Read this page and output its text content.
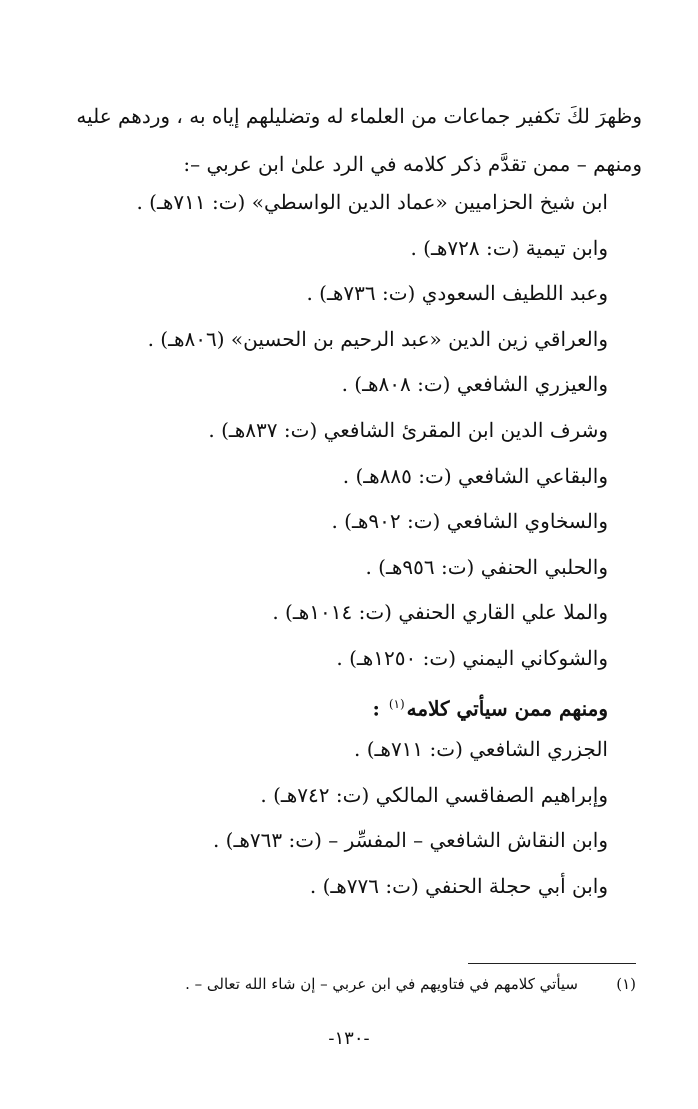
وظهرَ لكَ تكفير جماعات من العلماء له وتضليلهم إياه به ، وردهم عليه

ومنهم – ممن تقدَّم ذكر كلامه في الرد علىٰ ابن عربي –:

ابن شيخ الحزاميين «عماد الدين الواسطي» (ت: ٧١١هـ) .
وابن تيمية (ت: ٧٢٨هـ) .
وعبد اللطيف السعودي (ت: ٧٣٦هـ) .
والعراقي زين الدين «عبد الرحيم بن الحسين» (٨٠٦هـ) .
والعيزري الشافعي (ت: ٨٠٨هـ) .
وشرف الدين ابن المقرئ الشافعي (ت: ٨٣٧هـ) .
والبقاعي الشافعي (ت: ٨٨٥هـ) .
والسخاوي الشافعي (ت: ٩٠٢هـ) .
والحلبي الحنفي (ت: ٩٥٦هـ) .
والملا علي القاري الحنفي (ت: ١٠١٤هـ) .
والشوكاني اليمني (ت: ١٢٥٠هـ) .
ومنهم ممن سيأتي كلامه$^{(١)}$ :
الجزري الشافعي (ت: ٧١١هـ) .
وإبراهيم الصفاقسي المالكي (ت: ٧٤٢هـ) .
وابن النقاش الشافعي – المفسِّر – (ت: ٧٦٣هـ) .
وابن أبي حجلة الحنفي (ت: ٧٧٦هـ) .
(١)سيأتي كلامهم في فتاويهم في ابن عربي – إن شاء الله تعالى – .
-١٣٠-
